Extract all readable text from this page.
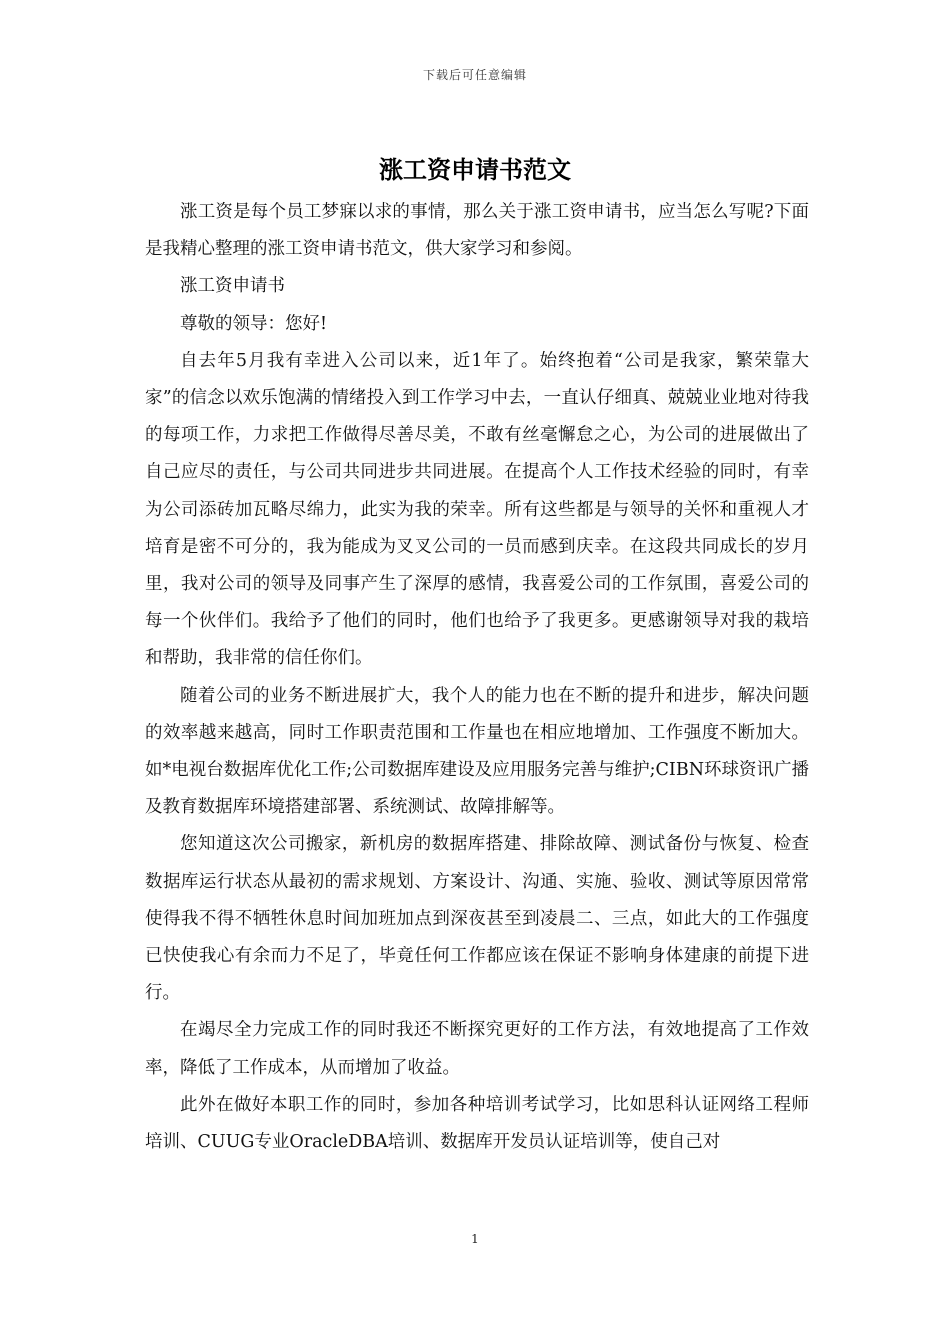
下载后可任意编辑
涨工资申请书范文

涨工资是每个员工梦寐以求的事情，那么关于涨工资申请书，应当怎么写呢?下面是我精心整理的涨工资申请书范文，供大家学习和参阅。

涨工资申请书

尊敬的领导：您好!

自去年5月我有幸进入公司以来，近1年了。始终抱着“公司是我家，繁荣靠大家”的信念以欢乐饱满的情绪投入到工作学习中去，一直认仔细真、兢兢业业地对待我的每项工作，力求把工作做得尽善尽美，不敢有丝毫懈怠之心，为公司的进展做出了自己应尽的责任，与公司共同进步共同进展。在提高个人工作技术经验的同时，有幸为公司添砖加瓦略尽绵力，此实为我的荣幸。所有这些都是与领导的关怀和重视人才培育是密不可分的，我为能成为叉叉公司的一员而感到庆幸。在这段共同成长的岁月里，我对公司的领导及同事产生了深厚的感情，我喜爱公司的工作氛围，喜爱公司的每一个伙伴们。我给予了他们的同时，他们也给予了我更多。更感谢领导对我的栽培和帮助，我非常的信任你们。

随着公司的业务不断进展扩大，我个人的能力也在不断的提升和进步，解决问题的效率越来越高，同时工作职责范围和工作量也在相应地增加、工作强度不断加大。如*电视台数据库优化工作;公司数据库建设及应用服务完善与维护;CIBN环球资讯广播及教育数据库环境搭建部署、系统测试、故障排解等。

您知道这次公司搬家，新机房的数据库搭建、排除故障、测试备份与恢复、检查数据库运行状态从最初的需求规划、方案设计、沟通、实施、验收、测试等原因常常使得我不得不牺牲休息时间加班加点到深夜甚至到凌晨二、三点，如此大的工作强度已快使我心有余而力不足了，毕竟任何工作都应该在保证不影响身体建康的前提下进行。

在竭尽全力完成工作的同时我还不断探究更好的工作方法，有效地提高了工作效率，降低了工作成本，从而增加了收益。

此外在做好本职工作的同时，参加各种培训考试学习，比如思科认证网络工程师培训、CUUG专业OracleDBA培训、数据库开发员认证培训等，使自己对

1
